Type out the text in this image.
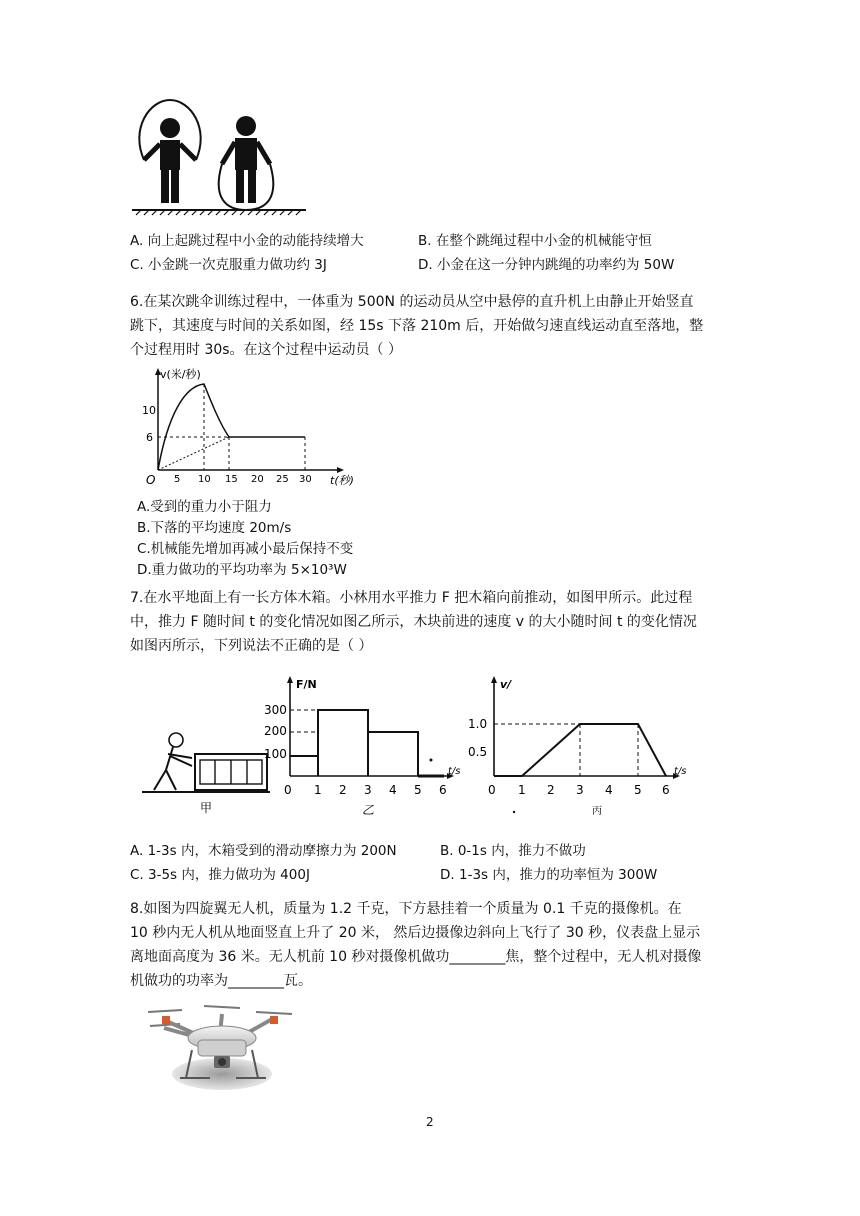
A. 向上起跳过程中小金的动能持续增大	B. 在整个跳绳过程中小金的机械能守恒
C. 小金跳一次克服重力做功约 3J	D. 小金在这一分钟内跳绳的功率约为 50W
6.在某次跳伞训练过程中，一体重为 500N 的运动员从空中悬停的直升机上由静止开始竖直
跳下，其速度与时间的关系如图，经 15s 下落 210m 后，开始做匀速直线运动直至落地，整
个过程用时 30s。在这个过程中运动员（ ）
v(米/秒)
t(秒)
O
10
6
5 10 15 20 25 30
A.受到的重力小于阻力
B.下落的平均速度 20m/s
C.机械能先增加再减小最后保持不变
D.重力做功的平均功率为 5×10³W
7.在水平地面上有一长方体木箱。小林用水平推力 F 把木箱向前推动，如图甲所示。此过程
中，推力 F 随时间 t 的变化情况如图乙所示，木块前进的速度 v 的大小随时间 t 的变化情况
如图丙所示，下列说法不正确的是（ ）
甲
F/N
t/s
300
200
100
0 1 2 3 4 5 6
乙
v/
t/s
1.0
0.5
0 1 2 3 4 5 6
丙
A. 1-3s 内，木箱受到的滑动摩擦力为 200N	B. 0-1s 内，推力不做功
C. 3-5s 内，推力做功为 400J	D. 1-3s 内，推力的功率恒为 300W
8.如图为四旋翼无人机，质量为 1.2 千克，下方悬挂着一个质量为 0.1 千克的摄像机。在
10 秒内无人机从地面竖直上升了 20 米， 然后边摄像边斜向上飞行了 30 秒，仪表盘上显示
离地面高度为 36 米。无人机前 10 秒对摄像机做功________焦，整个过程中，无人机对摄像
机做功的功率为________瓦。
2
